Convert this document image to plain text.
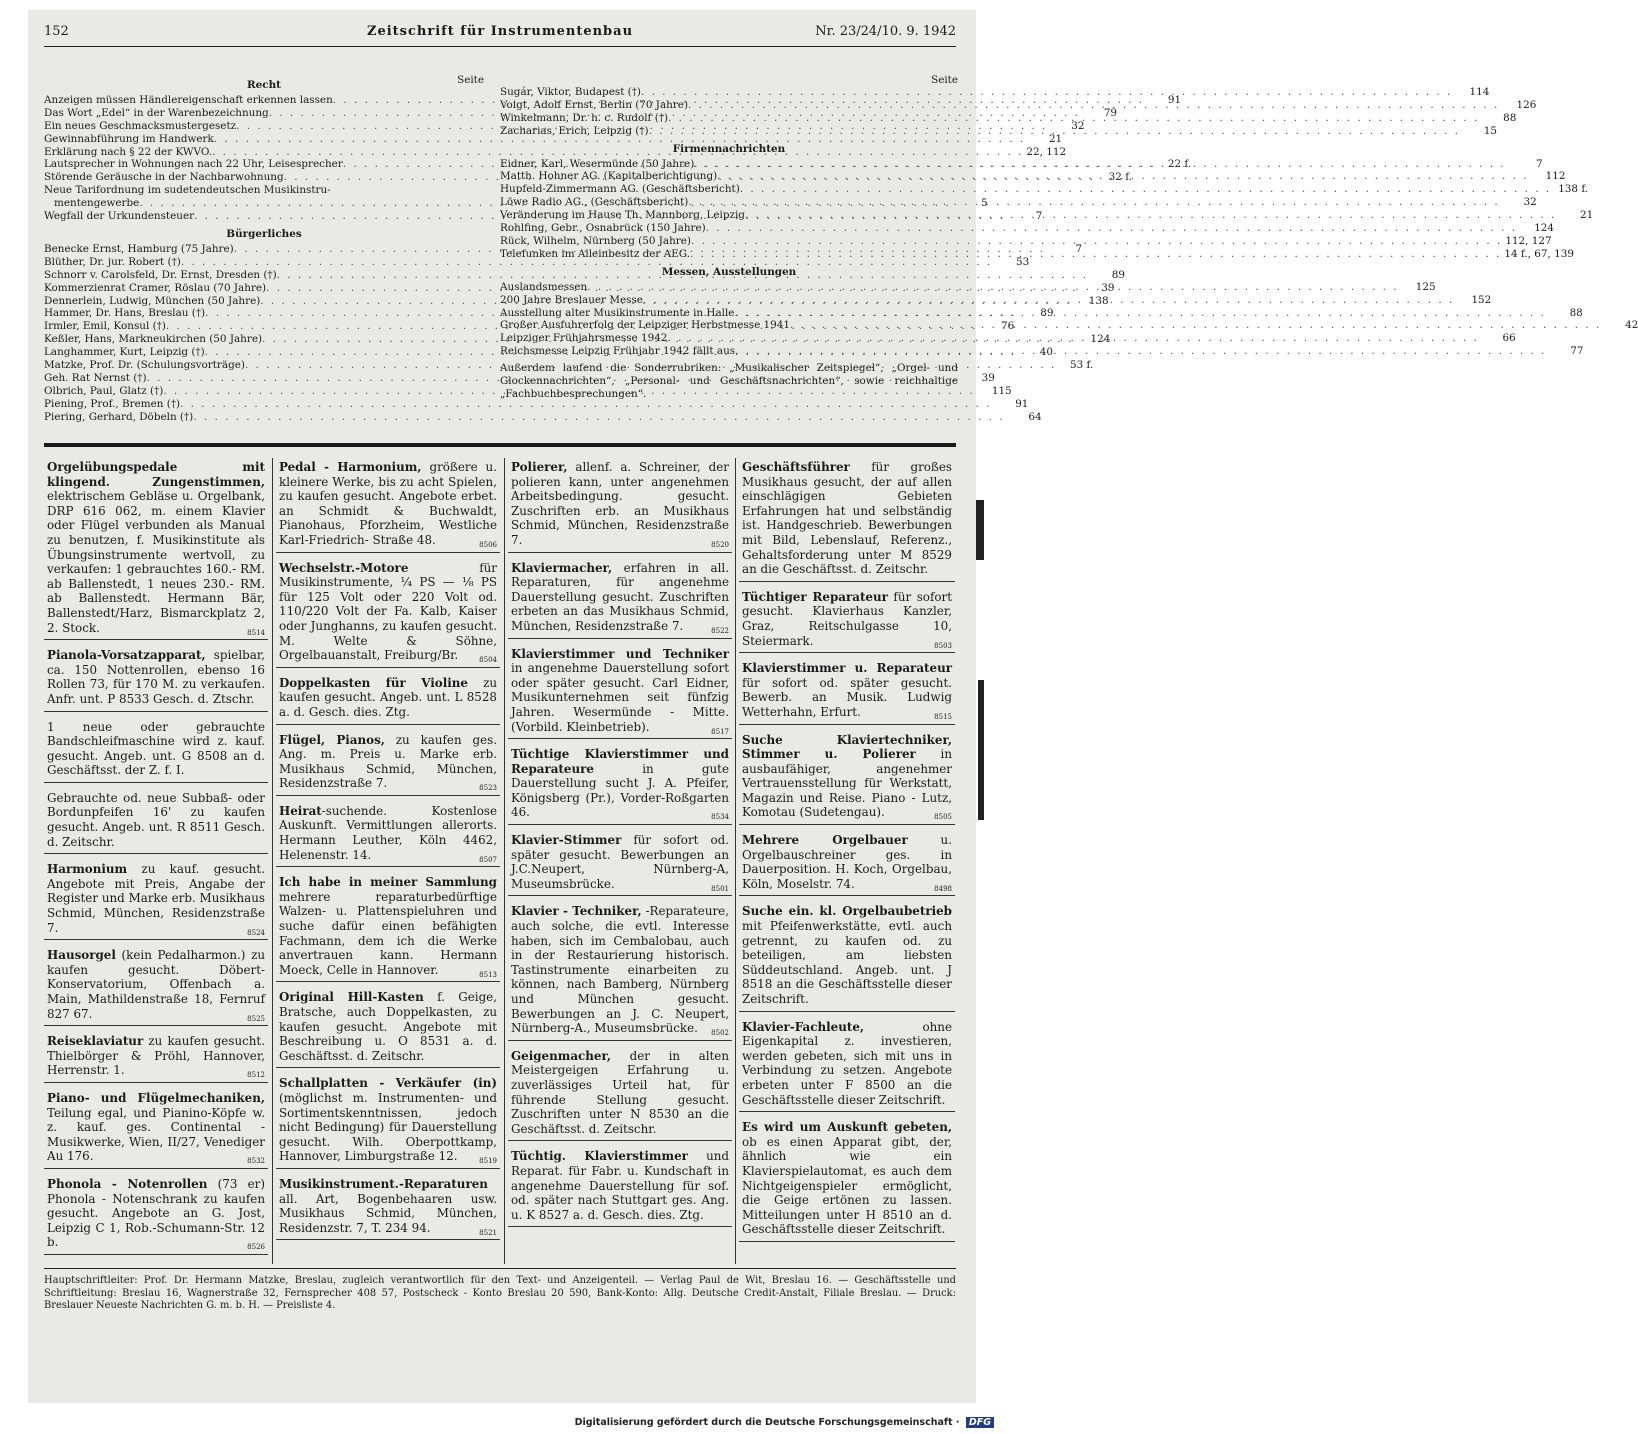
152	Zeitschrift für Instrumentenbau	Nr. 23/24/10. 9. 1942
Seite
Recht
Anzeigen müssen Händlereigenschaft erkennen lassen . . .	91
Das Wort „Edel“ in der Warenbezeichnung . . .	79
Ein neues Geschmacksmustergesetz . . .	32
Gewinnabführung im Handwerk . . .	21
Erklärung nach § 22 der KWVO. . . .	22, 112
Lautsprecher in Wohnungen nach 22 Uhr, Leisesprecher . . .	22 f.
Störende Geräusche in der Nachbarwohnung . . .	32 f.
Neue Tarifordnung im sudetendeutschen Musikinstru-
mentengewerbe . . .	5
Wegfall der Urkundensteuer . . .	7
Bürgerliches
Benecke Ernst, Hamburg (75 Jahre) . . .	7
Blüther, Dr. jur. Robert (†) . . .	53
Schnorr v. Carolsfeld, Dr. Ernst, Dresden (†) . . .	89
Kommerzienrat Cramer, Röslau (70 Jahre) . . .	39
Dennerlein, Ludwig, München (50 Jahre) . . .	138
Hammer, Dr. Hans, Breslau (†) . . .	89
Irmler, Emil, Konsul (†) . . .	76
Keßler, Hans, Markneukirchen (50 Jahre) . . .	124
Langhammer, Kurt, Leipzig (†) . . .	40
Matzke, Prof. Dr. (Schulungsvorträge) . . .	53 f.
Geh. Rat Nernst (†) . . .	39
Olbrich, Paul, Glatz (†) . . .	115
Piening, Prof., Bremen (†) . . .	91
Piering, Gerhard, Döbeln (†) . . .	64
Seite
Sugár, Viktor, Budapest (†) . . .	114
Voigt, Adolf Ernst, Berlin (70 Jahre) . . .	126
Winkelmann, Dr. h. c. Rudolf (†) . . .	88
Zacharias, Erich, Leipzig (†) . . .	15
Firmennachrichten
Eidner, Karl, Wesermünde (50 Jahre) . . .	7
Matth. Hohner AG. (Kapitalberichtigung) . . .	112
Hupfeld-Zimmermann AG. (Geschäftsbericht) . . .	138 f.
Löwe Radio AG., (Geschäftsbericht) . . .	32
Veränderung im Hause Th. Mannborg, Leipzig . . .	21
Rohlfing, Gebr., Osnabrück (150 Jahre) . . .	124
Rück, Wilhelm, Nürnberg (50 Jahre) . . .	112, 127
Telefunken im Alleinbesitz der AEG. . . .	14 f., 67, 139
Messen, Ausstellungen
Auslandsmessen . . .	125
200 Jahre Breslauer Messe . . .	152
Ausstellung alter Musikinstrumente in Halle . . .	88
Großer Ausfuhrerfolg der Leipziger Herbstmesse 1941 . . .	42
Leipziger Frühjahrsmesse 1942 . . .	66
Reichsmesse Leipzig Frühjahr 1942 fällt aus . . .	77
Außerdem laufend die Sonderrubriken: „Musikalischer Zeitspiegel“, „Orgel- und Glockennachrichten“, „Personal- und Geschäftsnachrichten“, sowie reichhaltige „Fachbuchbesprechungen“.
Orgelübungspedale mit klingend. Zungenstimmen, elektrischem Gebläse u. Orgelbank, DRP 616 062, m. einem Klavier oder Flügel verbunden als Manual zu benutzen, f. Musikinstitute als Übungsinstrumente wertvoll, zu verkaufen: 1 gebrauchtes 160.- RM. ab Ballenstedt, 1 neues 230.- RM. ab Ballenstedt. Hermann Bär, Ballenstedt/Harz, Bismarckplatz 2, 2. Stock.	8514
Pianola-Vorsatzapparat, spielbar, ca. 150 Nottenrollen, ebenso 16 Rollen 73, für 170 M. zu verkaufen. Anfr. unt. P 8533 Gesch. d. Ztschr.
1 neue oder gebrauchte Bandschleifmaschine wird z. kauf. gesucht. Angeb. unt. G 8508 an d. Geschäftsst. der Z. f. I.
Gebrauchte od. neue Subbaß- oder Bordunpfeifen 16' zu kaufen gesucht. Angeb. unt. R 8511 Gesch. d. Zeitschr.
Harmonium zu kauf. gesucht. Angebote mit Preis, Angabe der Register und Marke erb. Musikhaus Schmid, München, Residenzstraße 7.	8524
Hausorgel (kein Pedalharmon.) zu kaufen gesucht. Döbert-Konservatorium, Offenbach a. Main, Mathildenstraße 18, Fernruf 827 67.	8525
Reiseklaviatur zu kaufen gesucht. Thielbörger & Pröhl, Hannover, Herrenstr. 1.	8512
Piano- und Flügelmechaniken, Teilung egal, und Pianino-Köpfe w. z. kauf. ges. Continental - Musikwerke, Wien, II/27, Venediger Au 176.	8532
Phonola - Notenrollen (73 er) Phonola - Notenschrank zu kaufen gesucht. Angebote an G. Jost, Leipzig C 1, Rob.-Schumann-Str. 12 b.	8526
Pedal - Harmonium, größere u. kleinere Werke, bis zu acht Spielen, zu kaufen gesucht. Angebote erbet. an Schmidt & Buchwaldt, Pianohaus, Pforzheim, Westliche Karl-Friedrich- Straße 48.	8506
Wechselstr.-Motore für Musikinstrumente, ¼ PS — ⅛ PS für 125 Volt oder 220 Volt od. 110/220 Volt der Fa. Kalb, Kaiser oder Junghanns, zu kaufen gesucht. M. Welte & Söhne, Orgelbauanstalt, Freiburg/Br.	8504
Doppelkasten für Violine zu kaufen gesucht. Angeb. unt. L 8528 a. d. Gesch. dies. Ztg.
Flügel, Pianos, zu kaufen ges. Ang. m. Preis u. Marke erb. Musikhaus Schmid, München, Residenzstraße 7.	8523
Heirat-suchende. Kostenlose Auskunft. Vermittlungen allerorts. Hermann Leuther, Köln 4462, Helenenstr. 14.	8507
Ich habe in meiner Sammlung mehrere reparaturbedürftige Walzen- u. Plattenspieluhren und suche dafür einen befähigten Fachmann, dem ich die Werke anvertrauen kann. Hermann Moeck, Celle in Hannover.	8513
Original Hill-Kasten f. Geige, Bratsche, auch Doppelkasten, zu kaufen gesucht. Angebote mit Beschreibung u. O 8531 a. d. Geschäftsst. d. Zeitschr.
Schallplatten - Verkäufer (in) (möglichst m. Instrumenten- und Sortimentskenntnissen, jedoch nicht Bedingung) für Dauerstellung gesucht. Wilh. Oberpottkamp, Hannover, Limburgstraße 12.	8519
Musikinstrument.-Reparaturen all. Art, Bogenbehaaren usw. Musikhaus Schmid, München, Residenzstr. 7, T. 234 94.	8521
Polierer, allenf. a. Schreiner, der polieren kann, unter angenehmen Arbeitsbedingung. gesucht. Zuschriften erb. an Musikhaus Schmid, München, Residenzstraße 7.	8520
Klaviermacher, erfahren in all. Reparaturen, für angenehme Dauerstellung gesucht. Zuschriften erbeten an das Musikhaus Schmid, München, Residenzstraße 7.	8522
Klavierstimmer und Techniker in angenehme Dauerstellung sofort oder später gesucht. Carl Eidner, Musikunternehmen seit fünfzig Jahren. Wesermünde - Mitte. (Vorbild. Kleinbetrieb).	8517
Tüchtige Klavierstimmer und Reparateure in gute Dauerstellung sucht J. A. Pfeifer, Königsberg (Pr.), Vorder-Roßgarten 46.	8534
Klavier-Stimmer für sofort od. später gesucht. Bewerbungen an J.C.Neupert, Nürnberg-A, Museumsbrücke.	8501
Klavier - Techniker, -Reparateure, auch solche, die evtl. Interesse haben, sich im Cembalobau, auch in der Restaurierung historisch. Tastinstrumente einarbeiten zu können, nach Bamberg, Nürnberg und München gesucht. Bewerbungen an J. C. Neupert, Nürnberg-A., Museumsbrücke. 8502
Geigenmacher, der in alten Meistergeigen Erfahrung u. zuverlässiges Urteil hat, für führende Stellung gesucht. Zuschriften unter N 8530 an die Geschäftsst. d. Zeitschr.
Tüchtig. Klavierstimmer und Reparat. für Fabr. u. Kundschaft in angenehme Dauerstellung für sof. od. später nach Stuttgart ges. Ang. u. K 8527 a. d. Gesch. dies. Ztg.
Geschäftsführer für großes Musikhaus gesucht, der auf allen einschlägigen Gebieten Erfahrungen hat und selbständig ist. Handgeschrieb. Bewerbungen mit Bild, Lebenslauf, Referenz., Gehaltsforderung unter M 8529 an die Geschäftsst. d. Zeitschr.
Tüchtiger Reparateur für sofort gesucht. Klavierhaus Kanzler, Graz, Reitschulgasse 10, Steiermark.	8503
Klavierstimmer u. Reparateur für sofort od. später gesucht. Bewerb. an Musik. Ludwig Wetterhahn, Erfurt.	8515
Suche Klaviertechniker, Stimmer u. Polierer in ausbaufähiger, angenehmer Vertrauensstellung für Werkstatt, Magazin und Reise. Piano - Lutz, Komotau (Sudetengau).	8505
Mehrere Orgelbauer u. Orgelbauschreiner ges. in Dauerposition. H. Koch, Orgelbau, Köln, Moselstr. 74.	8498
Suche ein. kl. Orgelbaubetrieb mit Pfeifenwerkstätte, evtl. auch getrennt, zu kaufen od. zu beteiligen, am liebsten Süddeutschland. Angeb. unt. J 8518 an die Geschäftsstelle dieser Zeitschrift.
Klavier-Fachleute, ohne Eigenkapital z. investieren, werden gebeten, sich mit uns in Verbindung zu setzen. Angebote erbeten unter F 8500 an die Geschäftsstelle dieser Zeitschrift.
Es wird um Auskunft gebeten, ob es einen Apparat gibt, der, ähnlich wie ein Klavierspielautomat, es auch dem Nichtgeigenspieler ermöglicht, die Geige ertönen zu lassen. Mitteilungen unter H 8510 an d. Geschäftsstelle dieser Zeitschrift.
Hauptschriftleiter: Prof. Dr. Hermann Matzke, Breslau, zugleich verantwortlich für den Text- und Anzeigenteil. — Verlag Paul de Wit, Breslau 16. — Geschäftsstelle und Schriftleitung: Breslau 16, Wagnerstraße 32, Fernsprecher 408 57, Postscheck - Konto Breslau 20 590, Bank-Konto: Allg. Deutsche Credit-Anstalt, Filiale Breslau. — Druck: Breslauer Neueste Nachrichten G. m. b. H. — Preisliste 4.
Digitalisierung gefördert durch die Deutsche Forschungsgemeinschaft · DFG
